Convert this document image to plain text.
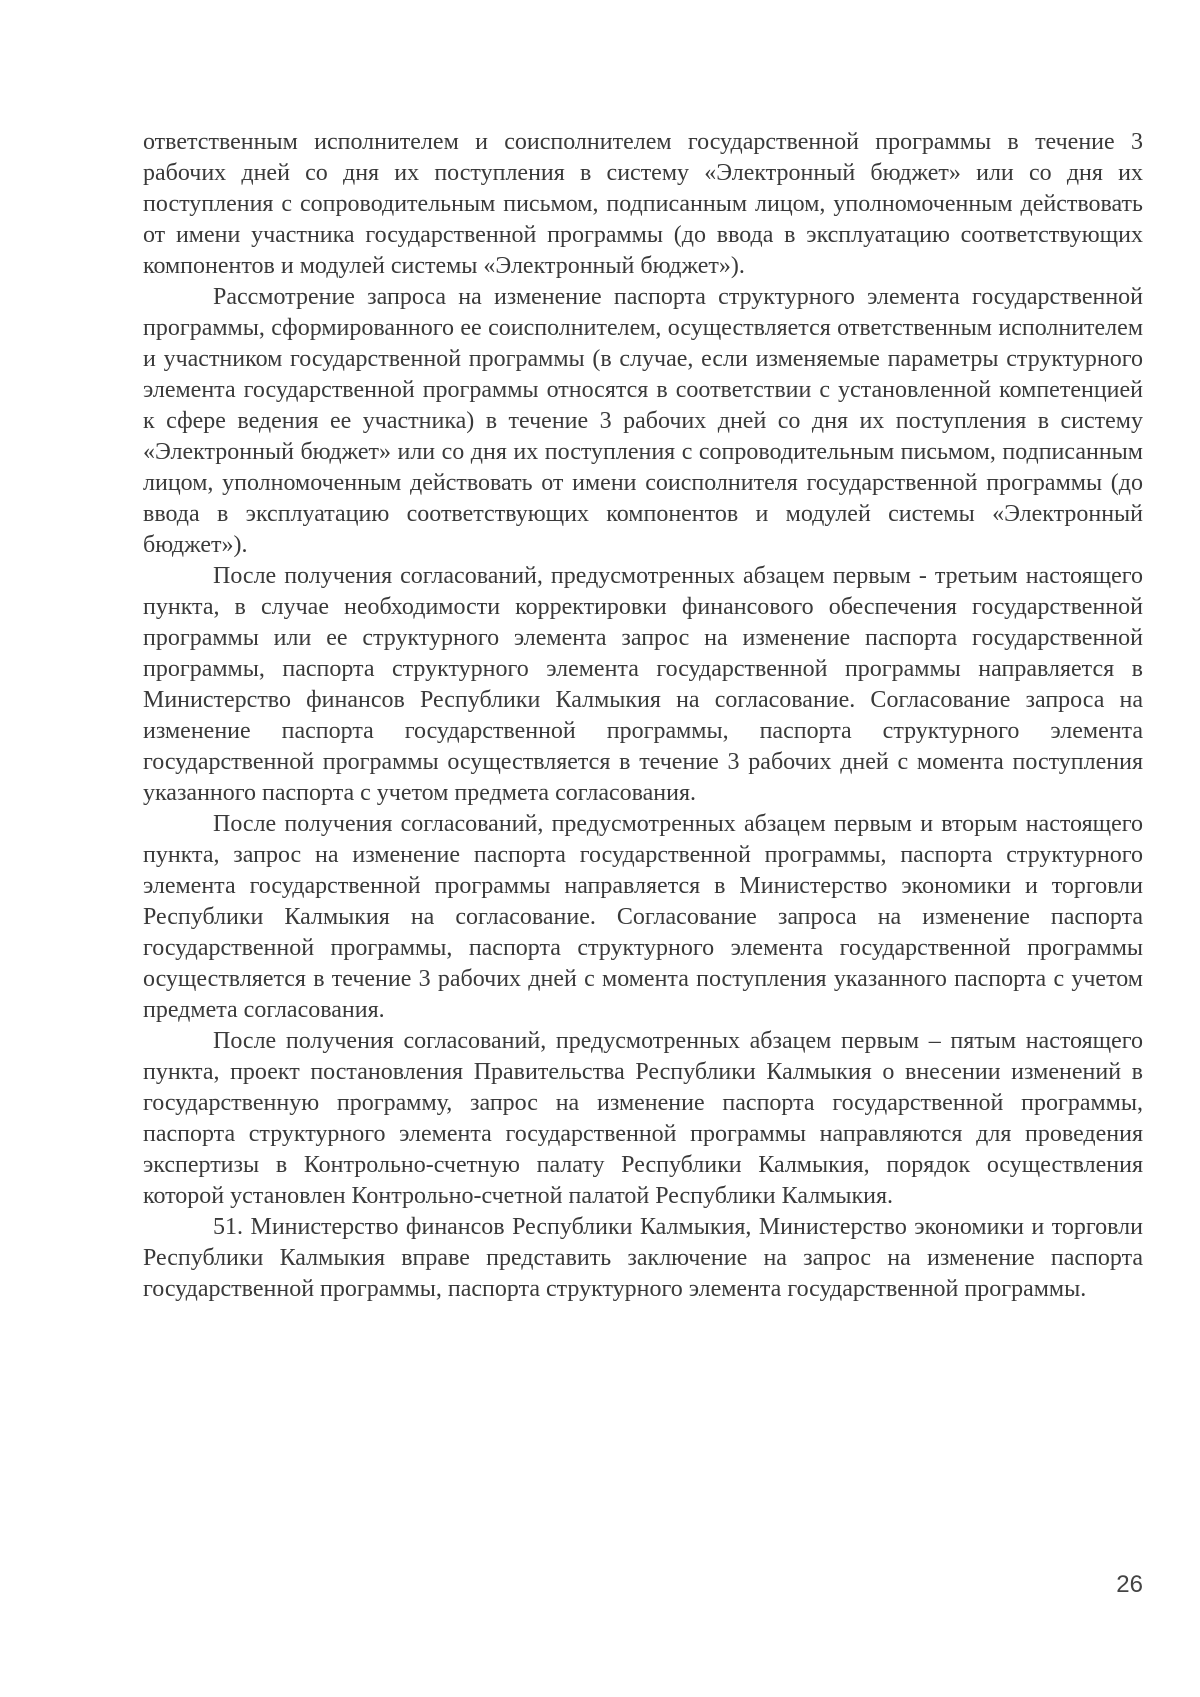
ответственным исполнителем и соисполнителем государственной программы в течение 3 рабочих дней со дня их поступления в систему «Электронный бюджет» или со дня их поступления с сопроводительным письмом, подписанным лицом, уполномоченным действовать от имени участника государственной программы (до ввода в эксплуатацию соответствующих компонентов и модулей системы «Электронный бюджет»).

Рассмотрение запроса на изменение паспорта структурного элемента государственной программы, сформированного ее соисполнителем, осуществляется ответственным исполнителем и участником государственной программы (в случае, если изменяемые параметры структурного элемента государственной программы относятся в соответствии с установленной компетенцией к сфере ведения ее участника) в течение 3 рабочих дней со дня их поступления в систему «Электронный бюджет» или со дня их поступления с сопроводительным письмом, подписанным лицом, уполномоченным действовать от имени соисполнителя государственной программы (до ввода в эксплуатацию соответствующих компонентов и модулей системы «Электронный бюджет»).

После получения согласований, предусмотренных абзацем первым - третьим настоящего пункта, в случае необходимости корректировки финансового обеспечения государственной программы или ее структурного элемента запрос на изменение паспорта государственной программы, паспорта структурного элемента государственной программы направляется в Министерство финансов Республики Калмыкия на согласование. Согласование запроса на изменение паспорта государственной программы, паспорта структурного элемента государственной программы осуществляется в течение 3 рабочих дней с момента поступления указанного паспорта с учетом предмета согласования.

После получения согласований, предусмотренных абзацем первым и вторым настоящего пункта, запрос на изменение паспорта государственной программы, паспорта структурного элемента государственной программы направляется в Министерство экономики и торговли Республики Калмыкия на согласование. Согласование запроса на изменение паспорта государственной программы, паспорта структурного элемента государственной программы осуществляется в течение 3 рабочих дней с момента поступления указанного паспорта с учетом предмета согласования.

После получения согласований, предусмотренных абзацем первым – пятым настоящего пункта, проект постановления Правительства Республики Калмыкия о внесении изменений в государственную программу, запрос на изменение паспорта государственной программы, паспорта структурного элемента государственной программы направляются для проведения экспертизы в Контрольно-счетную палату Республики Калмыкия, порядок осуществления которой установлен Контрольно-счетной палатой Республики Калмыкия.

51. Министерство финансов Республики Калмыкия, Министерство экономики и торговли Республики Калмыкия вправе представить заключение на запрос на изменение паспорта государственной программы, паспорта структурного элемента государственной программы.

26
